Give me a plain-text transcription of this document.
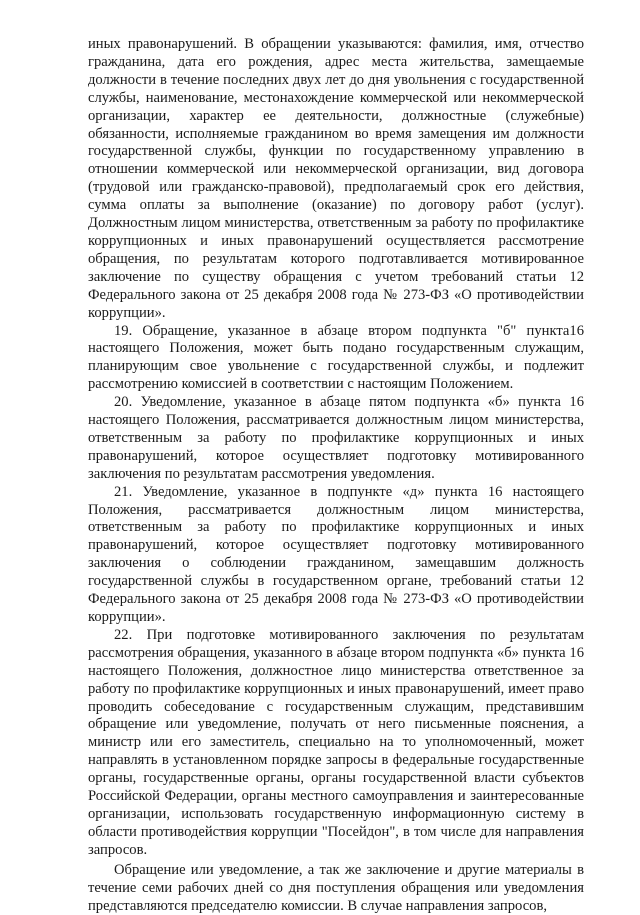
иных правонарушений. В обращении указываются: фамилия, имя, отчество гражданина, дата его рождения, адрес места жительства, замещаемые должности в течение последних двух лет до дня увольнения с государственной службы, наименование, местонахождение коммерческой или некоммерческой организации, характер ее деятельности, должностные (служебные) обязанности, исполняемые гражданином во время замещения им должности государственной службы, функции по государственному управлению в отношении коммерческой или некоммерческой организации, вид договора (трудовой или гражданско-правовой), предполагаемый срок его действия, сумма оплаты за выполнение (оказание) по договору работ (услуг). Должностным лицом министерства, ответственным за работу по профилактике коррупционных и иных правонарушений осуществляется рассмотрение обращения, по результатам которого подготавливается мотивированное заключение по существу обращения с учетом требований статьи 12 Федерального закона от 25 декабря 2008 года № 273-ФЗ «О противодействии коррупции».

19. Обращение, указанное в абзаце втором подпункта "б" пункта16 настоящего Положения, может быть подано государственным служащим, планирующим свое увольнение с государственной службы, и подлежит рассмотрению комиссией в соответствии с настоящим Положением.

20. Уведомление, указанное в абзаце пятом подпункта «б» пункта 16 настоящего Положения, рассматривается должностным лицом министерства, ответственным за работу по профилактике коррупционных и иных правонарушений, которое осуществляет подготовку мотивированного заключения по результатам рассмотрения уведомления.

21. Уведомление, указанное в подпункте «д» пункта 16 настоящего Положения, рассматривается должностным лицом министерства, ответственным за работу по профилактике коррупционных и иных правонарушений, которое осуществляет подготовку мотивированного заключения о соблюдении гражданином, замещавшим должность государственной службы в государственном органе, требований статьи 12 Федерального закона от 25 декабря 2008 года № 273-ФЗ «О противодействии коррупции».

22. При подготовке мотивированного заключения по результатам рассмотрения обращения, указанного в абзаце втором подпункта «б» пункта 16 настоящего Положения, должностное лицо министерства ответственное за работу по профилактике коррупционных и иных правонарушений, имеет право проводить собеседование с государственным служащим, представившим обращение или уведомление, получать от него письменные пояснения, а министр или его заместитель, специально на то уполномоченный, может направлять в установленном порядке запросы в федеральные государственные органы, государственные органы, органы государственной власти субъектов Российской Федерации, органы местного самоуправления и заинтересованные организации, использовать государственную информационную систему в области противодействия коррупции "Посейдон", в том числе для направления запросов.

Обращение или уведомление, а так же заключение и другие материалы в течение семи рабочих дней со дня поступления обращения или уведомления представляются председателю комиссии. В случае направления запросов,
